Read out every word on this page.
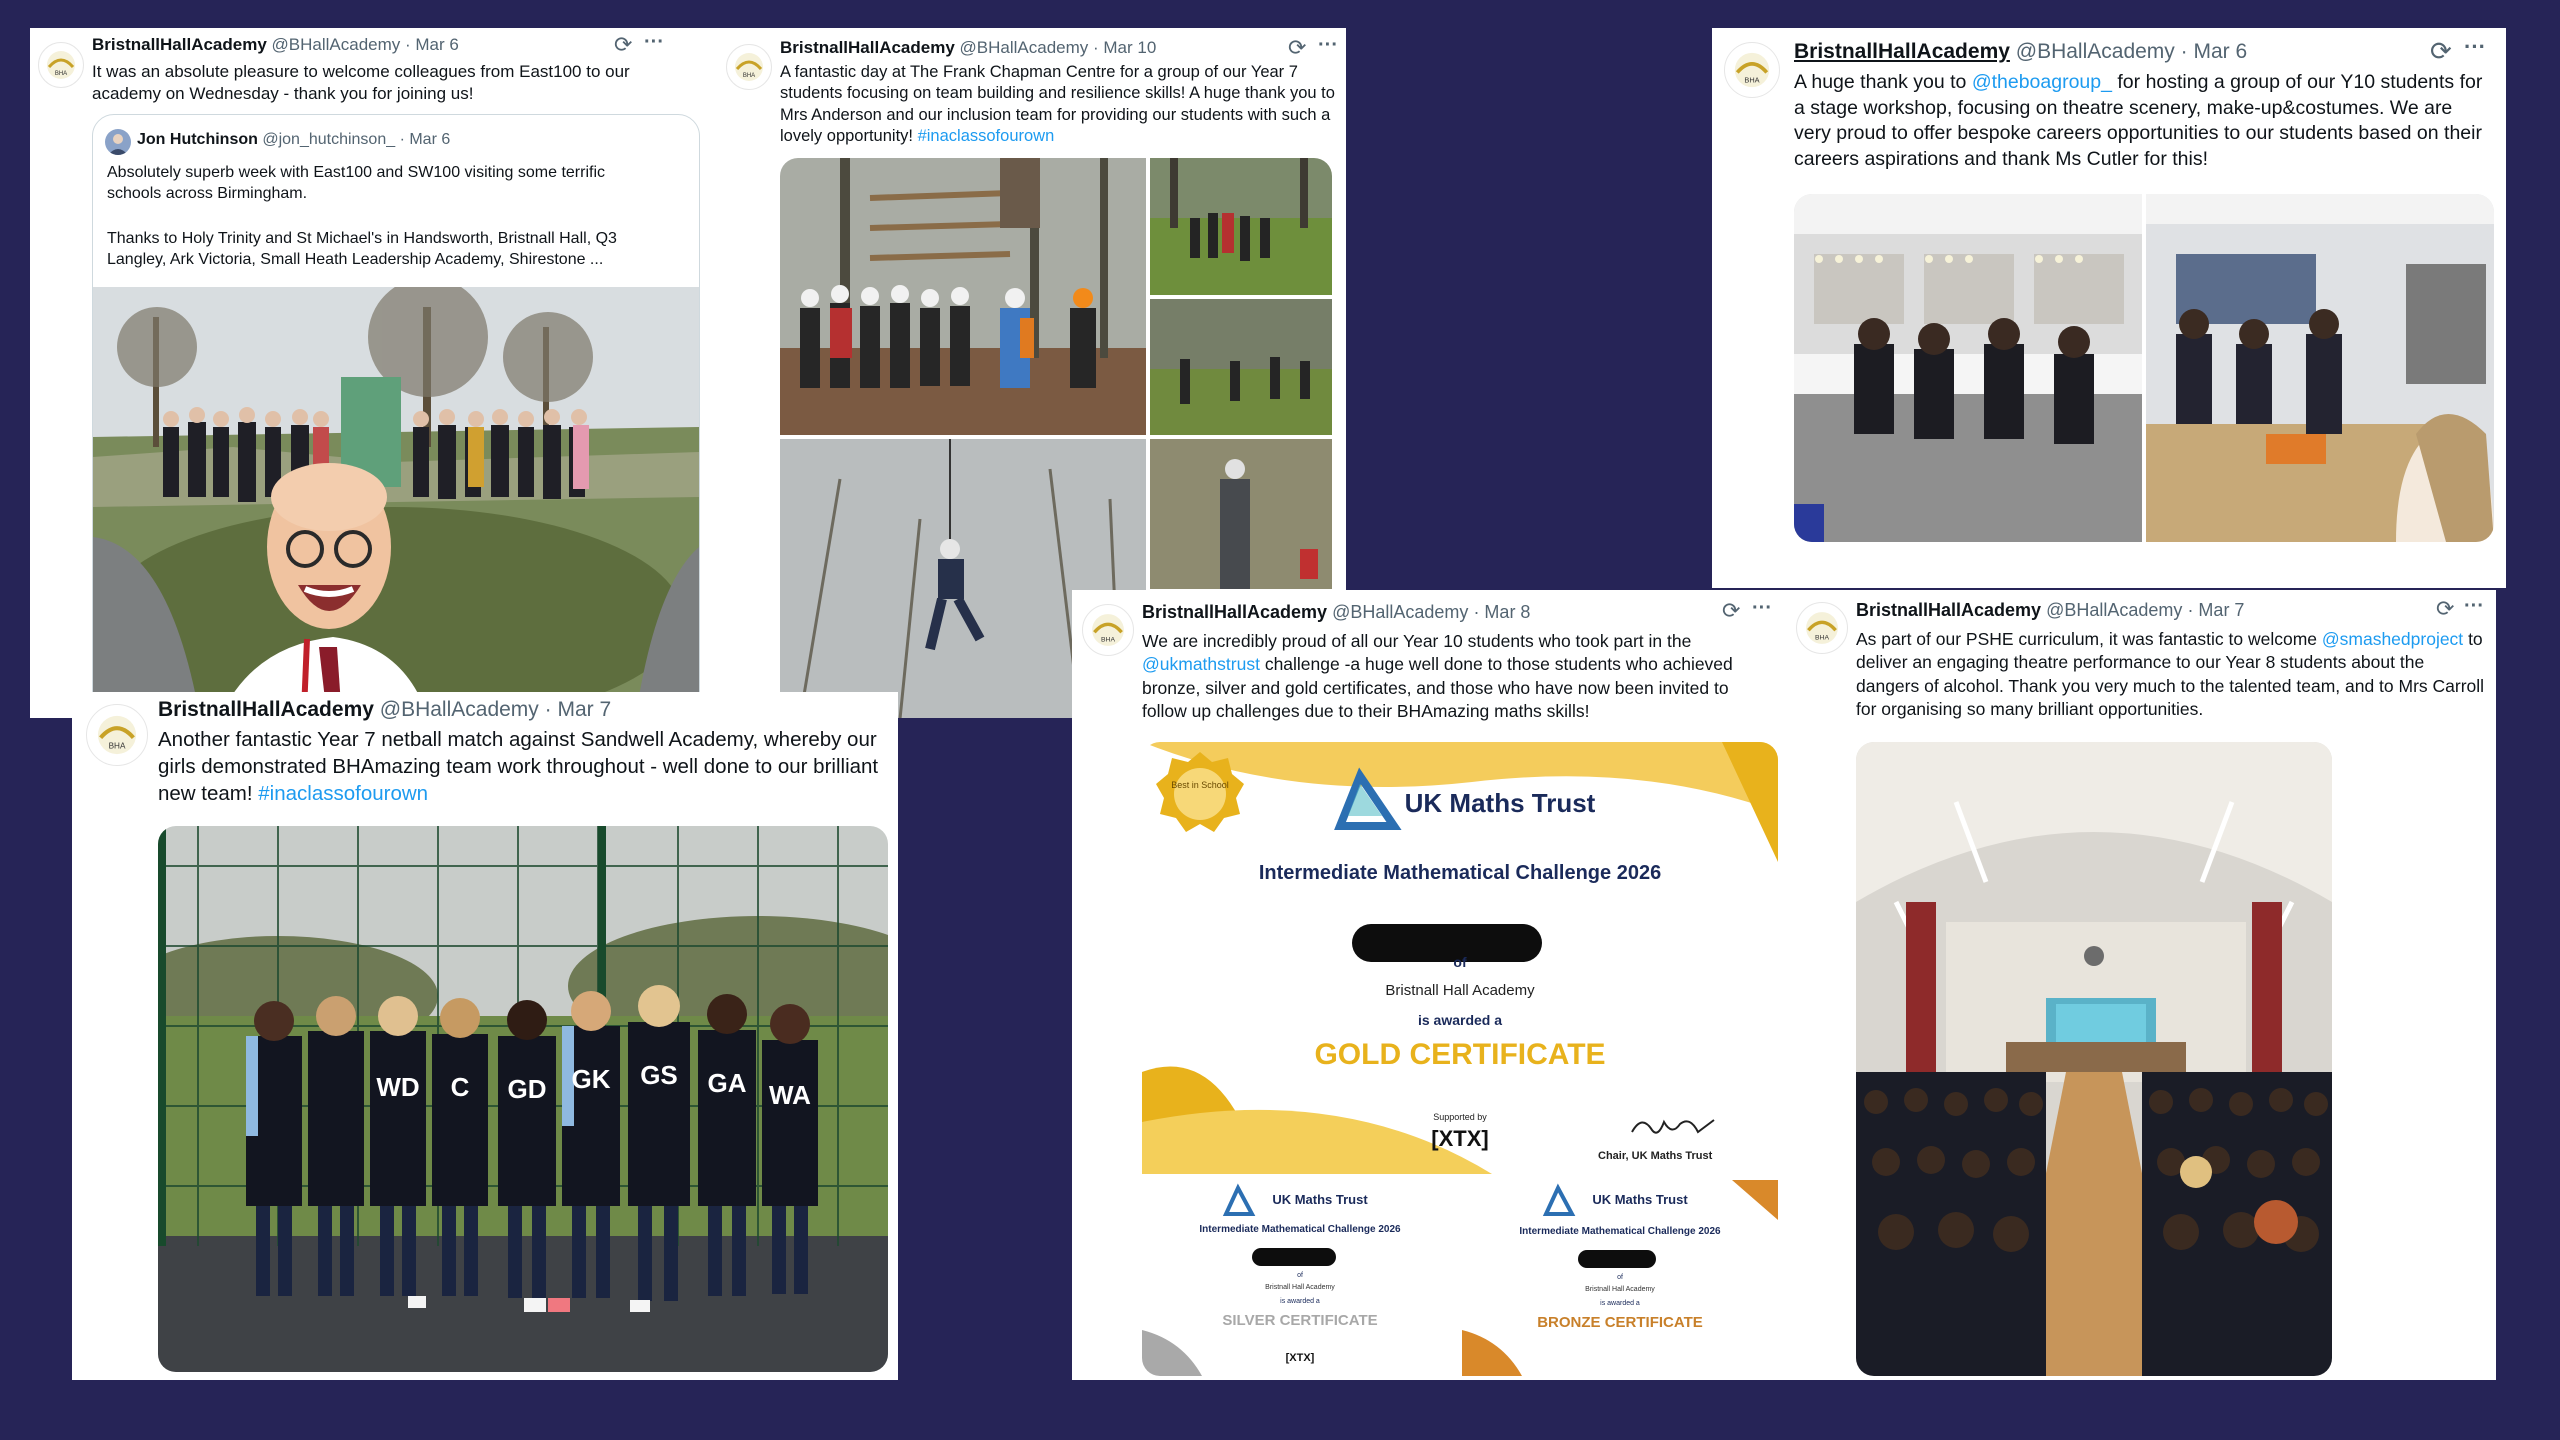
BHA
BristnallHallAcademy @BHallAcademy · Mar 6	⟳ ···
It was an absolute pleasure to welcome colleagues from East100 to our academy on Wednesday - thank you for joining us!
Jon Hutchinson @jon_hutchinson_ · Mar 6
Absolutely superb week with East100 and SW100 visiting some terrific schools across Birmingham.
Thanks to Holy Trinity and St Michael's in Handsworth, Bristnall Hall, Q3 Langley, Ark Victoria, Small Heath Leadership Academy, Shirestone ...
BHA
BristnallHallAcademy @BHallAcademy · Mar 10	⟳ ···
A fantastic day at The Frank Chapman Centre for a group of our Year 7 students focusing on team building and resilience skills! A huge thank you to Mrs Anderson and our inclusion team for providing our students with such a lovely opportunity! #inaclassofourown
BHA
BristnallHallAcademy @BHallAcademy · Mar 6	⟳ ···
A huge thank you to @theboagroup_ for hosting a group of our Y10 students for a stage workshop, focusing on theatre scenery, make-up&costumes. We are very proud to offer bespoke careers opportunities to our students based on their careers aspirations and thank Ms Cutler for this!
BHA
BristnallHallAcademy @BHallAcademy · Mar 7
Another fantastic Year 7 netball match against Sandwell Academy, whereby our girls demonstrated BHAmazing team work throughout - well done to our brilliant new team! #inaclassofourown
WD C GD GK GS GA WA
BHA
BristnallHallAcademy @BHallAcademy · Mar 7	⟳ ···
As part of our PSHE curriculum, it was fantastic to welcome @smashedproject to deliver an engaging theatre performance to our Year 8 students about the dangers of alcohol. Thank you very much to the talented team, and to Mrs Carroll for organising so many brilliant opportunities.
BHA
BristnallHallAcademy @BHallAcademy · Mar 8	⟳ ···
We are incredibly proud of all our Year 10 students who took part in the @ukmathstrust challenge -a huge well done to those students who achieved bronze, silver and gold certificates, and those who have now been invited to follow up challenges due to their BHAmazing maths skills!
Best in School
UK Maths Trust
Intermediate Mathematical Challenge 2026
of
Bristnall Hall Academy
is awarded a
GOLD CERTIFICATE
Supported by
[XTX]
Chair, UK Maths Trust
UK Maths Trust
Intermediate Mathematical Challenge 2026
of
Bristnall Hall Academy
is awarded a
SILVER CERTIFICATE
[XTX]
UK Maths Trust
Intermediate Mathematical Challenge 2026
of
Bristnall Hall Academy
is awarded a
BRONZE CERTIFICATE
